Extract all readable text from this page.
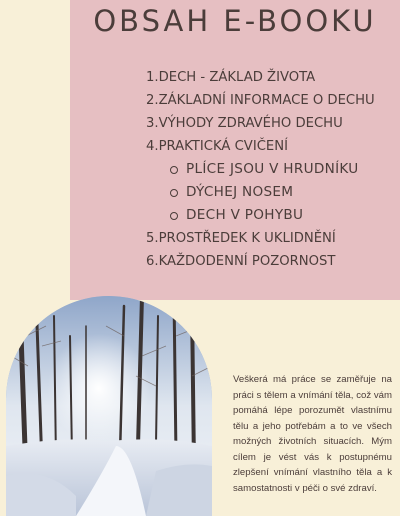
OBSAH E-BOOKU
1.DECH - ZÁKLAD ŽIVOTA
2.ZÁKLADNÍ INFORMACE O DECHU
3.VÝHODY ZDRAVÉHO DECHU
4.PRAKTICKÁ CVIČENÍ
PLÍCE JSOU V HRUDNÍKU
DÝCHEJ NOSEM
DECH V POHYBU
5.PROSTŘEDEK K UKLIDNĚNÍ
6.KAŽDODENNÍ POZORNOST

Veškerá má práce se zaměřuje na práci s tělem a vnímání těla, což vám pomáhá lépe porozumět vlastnímu tělu a jeho potřebám a to ve všech možných životních situacích. Mým cílem je vést vás k postupnému zlepšení vnímání vlastního těla a k samostatnosti v péči o své zdraví.
